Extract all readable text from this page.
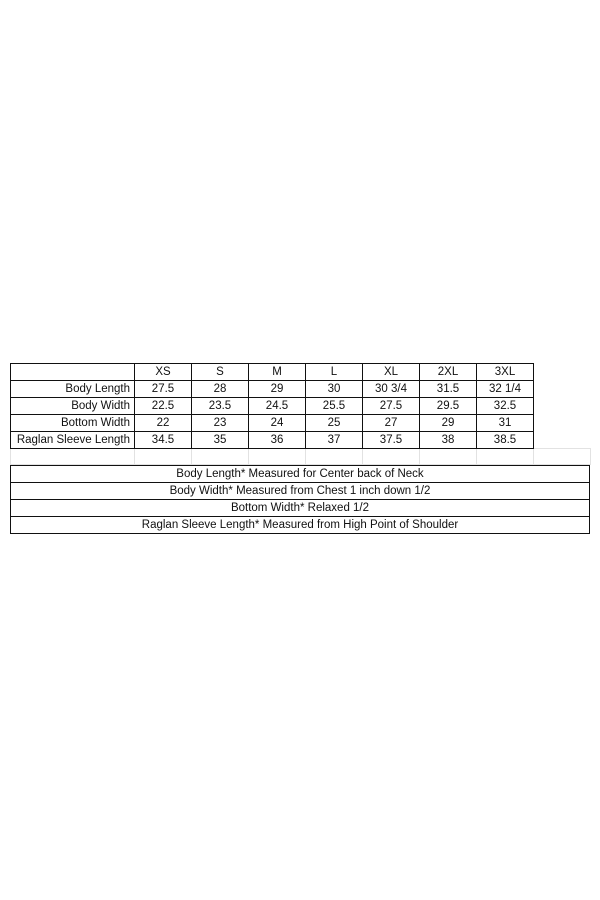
	XS	S	M	L	XL	2XL	3XL	
Body Length	27.5	28	29	30	30 3/4	31.5	32 1/4	
Body Width	22.5	23.5	24.5	25.5	27.5	29.5	32.5	
Bottom Width	22	23	24	25	27	29	31	
Raglan Sleeve Length	34.5	35	36	37	37.5	38	38.5	

Body Length* Measured for Center back of Neck
Body Width* Measured from Chest 1 inch down 1/2
Bottom Width* Relaxed 1/2
Raglan Sleeve Length* Measured from High Point of Shoulder
